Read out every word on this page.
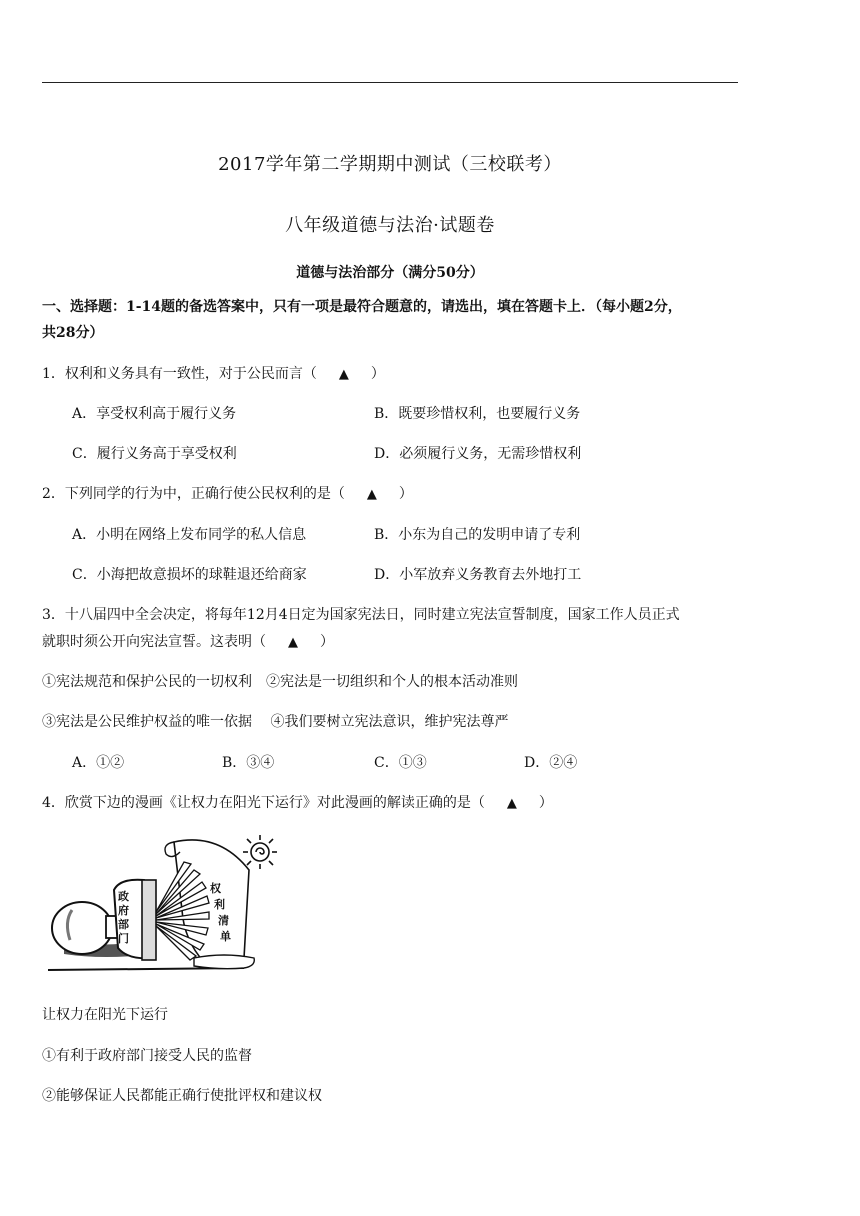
2017学年第二学期期中测试（三校联考）
八年级道德与法治·试题卷
道德与法治部分（满分50分）
一、选择题：1-14题的备选答案中，只有一项是最符合题意的，请选出，填在答题卡上．（每小题2分，
共28分）
1．权利和义务具有一致性，对于公民而言（ ▲ ）
A．享受权利高于履行义务	B．既要珍惜权利，也要履行义务
C．履行义务高于享受权利	D．必须履行义务，无需珍惜权利
2．下列同学的行为中，正确行使公民权利的是（ ▲ ）
A．小明在网络上发布同学的私人信息	B．小东为自己的发明申请了专利
C．小海把故意损坏的球鞋退还给商家	D．小军放弃义务教育去外地打工
3．十八届四中全会决定，将每年12月4日定为国家宪法日，同时建立宪法宣誓制度，国家工作人员正式
就职时须公开向宪法宣誓。这表明（ ▲ ）
①宪法规范和保护公民的一切权利　②宪法是一切组织和个人的根本活动准则
③宪法是公民维护权益的唯一依据　 ④我们要树立宪法意识，维护宪法尊严
A．①②	B．③④	C．①③	D．②④
4．欣赏下边的漫画《让权力在阳光下运行》对此漫画的解读正确的是（ ▲ ）
政
府
部
门
权
利
清
单
让权力在阳光下运行
①有利于政府部门接受人民的监督
②能够保证人民都能正确行使批评权和建议权
